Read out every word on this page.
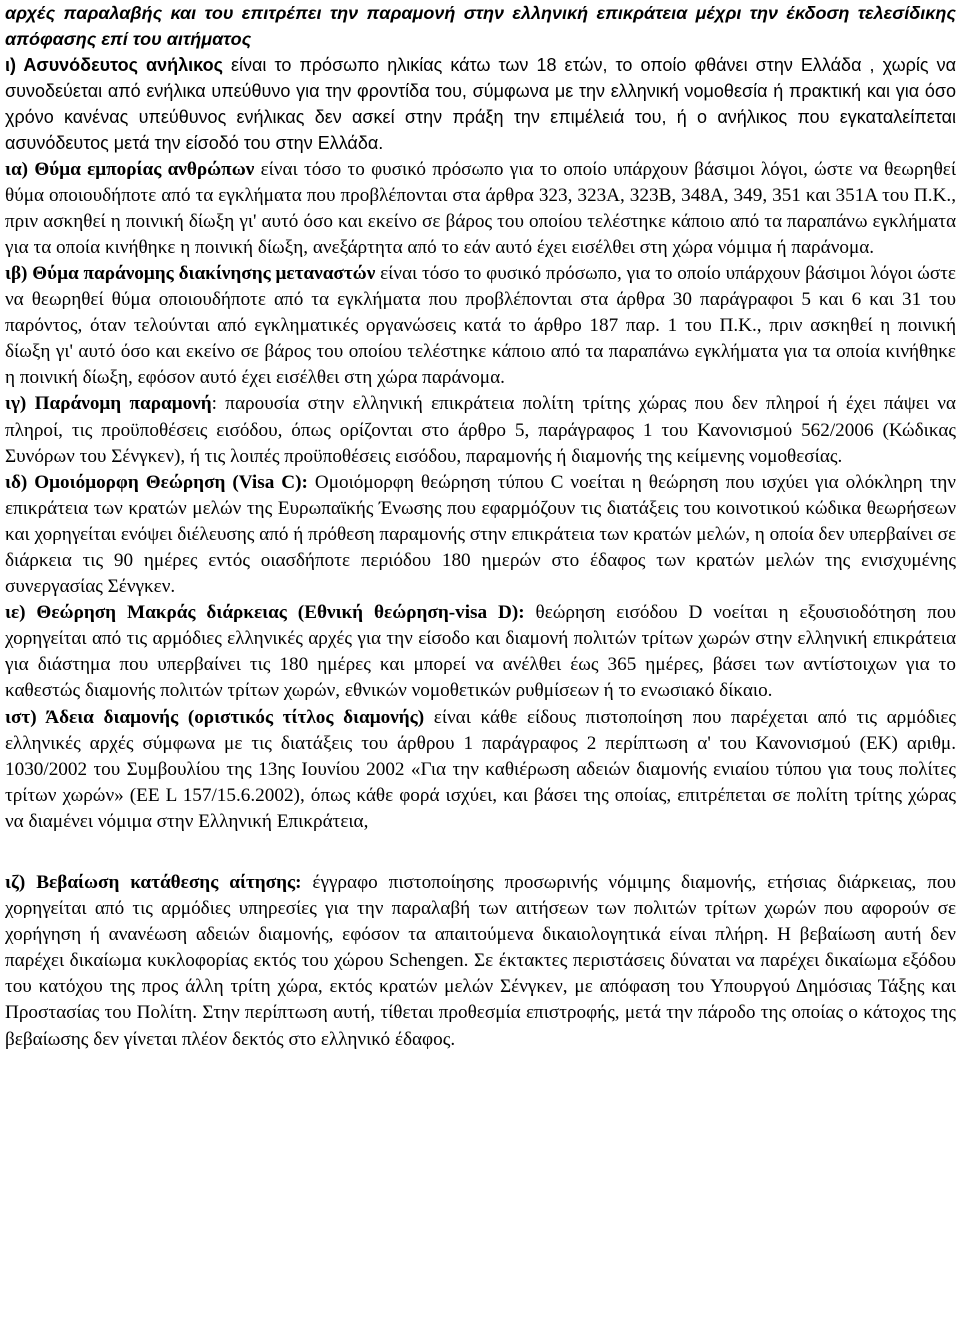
αρχές παραλαβής και του επιτρέπει την παραμονή στην ελληνική επικράτεια μέχρι την έκδοση τελεσίδικης απόφασης επί του αιτήματος

ι) Ασυνόδευτος ανήλικος είναι το πρόσωπο ηλικίας κάτω των 18 ετών, το οποίο φθάνει στην Ελλάδα , χωρίς να συνοδεύεται από ενήλικα υπεύθυνο για την φροντίδα του, σύμφωνα με την ελληνική νομοθεσία ή πρακτική και για όσο χρόνο κανένας υπεύθυνος ενήλικας δεν ασκεί στην πράξη την επιμέλειά του, ή ο ανήλικος που εγκαταλείπεται ασυνόδευτος μετά την είσοδό του στην Ελλάδα.

ια) Θύμα εμπορίας ανθρώπων είναι τόσο το φυσικό πρόσωπο για το οποίο υπάρχουν βάσιμοι λόγοι, ώστε να θεωρηθεί θύμα οποιουδήποτε από τα εγκλήματα που προβλέπονται στα άρθρα 323, 323Α, 323Β, 348Α, 349, 351 και 351Α του Π.Κ., πριν ασκηθεί η ποινική δίωξη γι' αυτό όσο και εκείνο σε βάρος του οποίου τελέστηκε κάποιο από τα παραπάνω εγκλήματα για τα οποία κινήθηκε η ποινική δίωξη, ανεξάρτητα από το εάν αυτό έχει εισέλθει στη χώρα νόμιμα ή παράνομα.

ιβ) Θύμα παράνομης διακίνησης μεταναστών είναι τόσο το φυσικό πρόσωπο, για το οποίο υπάρχουν βάσιμοι λόγοι ώστε να θεωρηθεί θύμα οποιουδήποτε από τα εγκλήματα που προβλέπονται στα άρθρα 30 παράγραφοι 5 και 6 και 31 του παρόντος, όταν τελούνται από εγκληματικές οργανώσεις κατά το άρθρο 187 παρ. 1 του Π.Κ., πριν ασκηθεί η ποινική δίωξη γι' αυτό όσο και εκείνο σε βάρος του οποίου τελέστηκε κάποιο από τα παραπάνω εγκλήματα για τα οποία κινήθηκε η ποινική δίωξη, εφόσον αυτό έχει εισέλθει στη χώρα παράνομα.

ιγ) Παράνομη παραμονή: παρουσία στην ελληνική επικράτεια πολίτη τρίτης χώρας που δεν πληροί ή έχει πάψει να πληροί, τις προϋποθέσεις εισόδου, όπως ορίζονται στο άρθρο 5, παράγραφος 1 του Κανονισμού 562/2006 (Κώδικας Συνόρων του Σένγκεν), ή τις λοιπές προϋποθέσεις εισόδου, παραμονής ή διαμονής της κείμενης νομοθεσίας.

ιδ) Ομοιόμορφη Θεώρηση (Visa C): Ομοιόμορφη θεώρηση τύπου C νοείται η θεώρηση που ισχύει για ολόκληρη την επικράτεια των κρατών μελών της Ευρωπαϊκής Ένωσης που εφαρμόζουν τις διατάξεις του κοινοτικού κώδικα θεωρήσεων και χορηγείται ενόψει διέλευσης από ή πρόθεση παραμονής στην επικράτεια των κρατών μελών, η οποία δεν υπερβαίνει σε διάρκεια τις 90 ημέρες εντός οιασδήποτε περιόδου 180 ημερών στο έδαφος των κρατών μελών της ενισχυμένης συνεργασίας Σένγκεν.

ιε) Θεώρηση Μακράς διάρκειας (Εθνική θεώρηση-visa D): θεώρηση εισόδου D νοείται η εξουσιοδότηση που χορηγείται από τις αρμόδιες ελληνικές αρχές για την είσοδο και διαμονή πολιτών τρίτων χωρών στην ελληνική επικράτεια για διάστημα που υπερβαίνει τις 180 ημέρες και μπορεί να ανέλθει έως 365 ημέρες, βάσει των αντίστοιχων για το καθεστώς διαμονής πολιτών τρίτων χωρών, εθνικών νομοθετικών ρυθμίσεων ή το ενωσιακό δίκαιο.

ιστ) Άδεια διαμονής (οριστικός τίτλος διαμονής) είναι κάθε είδους πιστοποίηση που παρέχεται από τις αρμόδιες ελληνικές αρχές σύμφωνα με τις διατάξεις του άρθρου 1 παράγραφος 2 περίπτωση α' του Κανονισμού (ΕΚ) αριθμ. 1030/2002 του Συμβουλίου της 13ης Ιουνίου 2002 «Για την καθιέρωση αδειών διαμονής ενιαίου τύπου για τους πολίτες τρίτων χωρών» (ΕΕ L 157/15.6.2002), όπως κάθε φορά ισχύει, και βάσει της οποίας, επιτρέπεται σε πολίτη τρίτης χώρας να διαμένει νόμιμα στην Ελληνική Επικράτεια,

ιζ) Βεβαίωση κατάθεσης αίτησης: έγγραφο πιστοποίησης προσωρινής νόμιμης διαμονής, ετήσιας διάρκειας, που χορηγείται από τις αρμόδιες υπηρεσίες για την παραλαβή των αιτήσεων των πολιτών τρίτων χωρών που αφορούν σε χορήγηση ή ανανέωση αδειών διαμονής, εφόσον τα απαιτούμενα δικαιολογητικά είναι πλήρη. Η βεβαίωση αυτή δεν παρέχει δικαίωμα κυκλοφορίας εκτός του χώρου Schengen. Σε έκτακτες περιστάσεις δύναται να παρέχει δικαίωμα εξόδου του κατόχου της προς άλλη τρίτη χώρα, εκτός κρατών μελών Σένγκεν, με απόφαση του Υπουργού Δημόσιας Τάξης και Προστασίας του Πολίτη. Στην περίπτωση αυτή, τίθεται προθεσμία επιστροφής, μετά την πάροδο της οποίας ο κάτοχος της βεβαίωσης δεν γίνεται πλέον δεκτός στο ελληνικό έδαφος.
